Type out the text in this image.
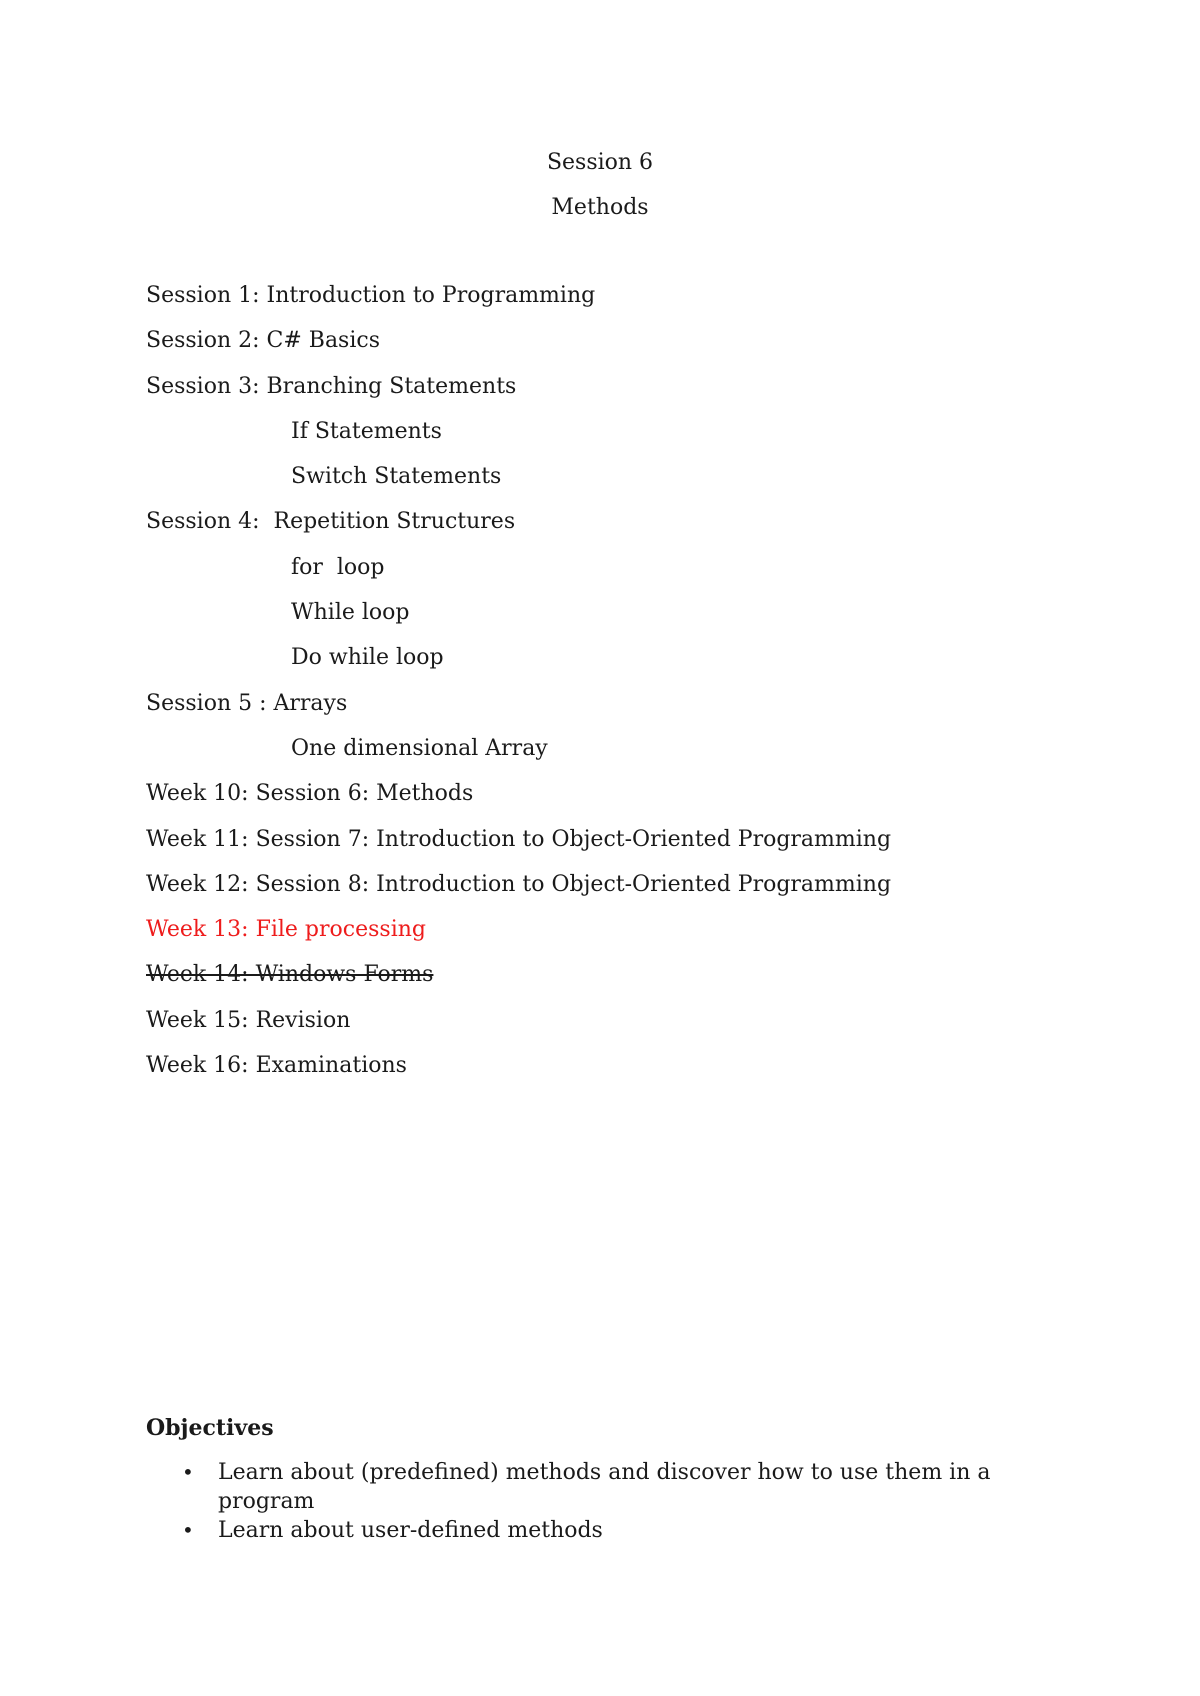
Session 6
Methods
Session 1: Introduction to Programming
Session 2: C# Basics
Session 3: Branching Statements
If Statements
Switch Statements
Session 4:  Repetition Structures
for  loop
While loop
Do while loop
Session 5 : Arrays
One dimensional Array
Week 10: Session 6: Methods
Week 11: Session 7: Introduction to Object-Oriented Programming
Week 12: Session 8: Introduction to Object-Oriented Programming
Week 13: File processing
Week 14: Windows Forms
Week 15: Revision
Week 16: Examinations
Objectives
• Learn about (predefined) methods and discover how to use them in a program
• Learn about user-defined methods
